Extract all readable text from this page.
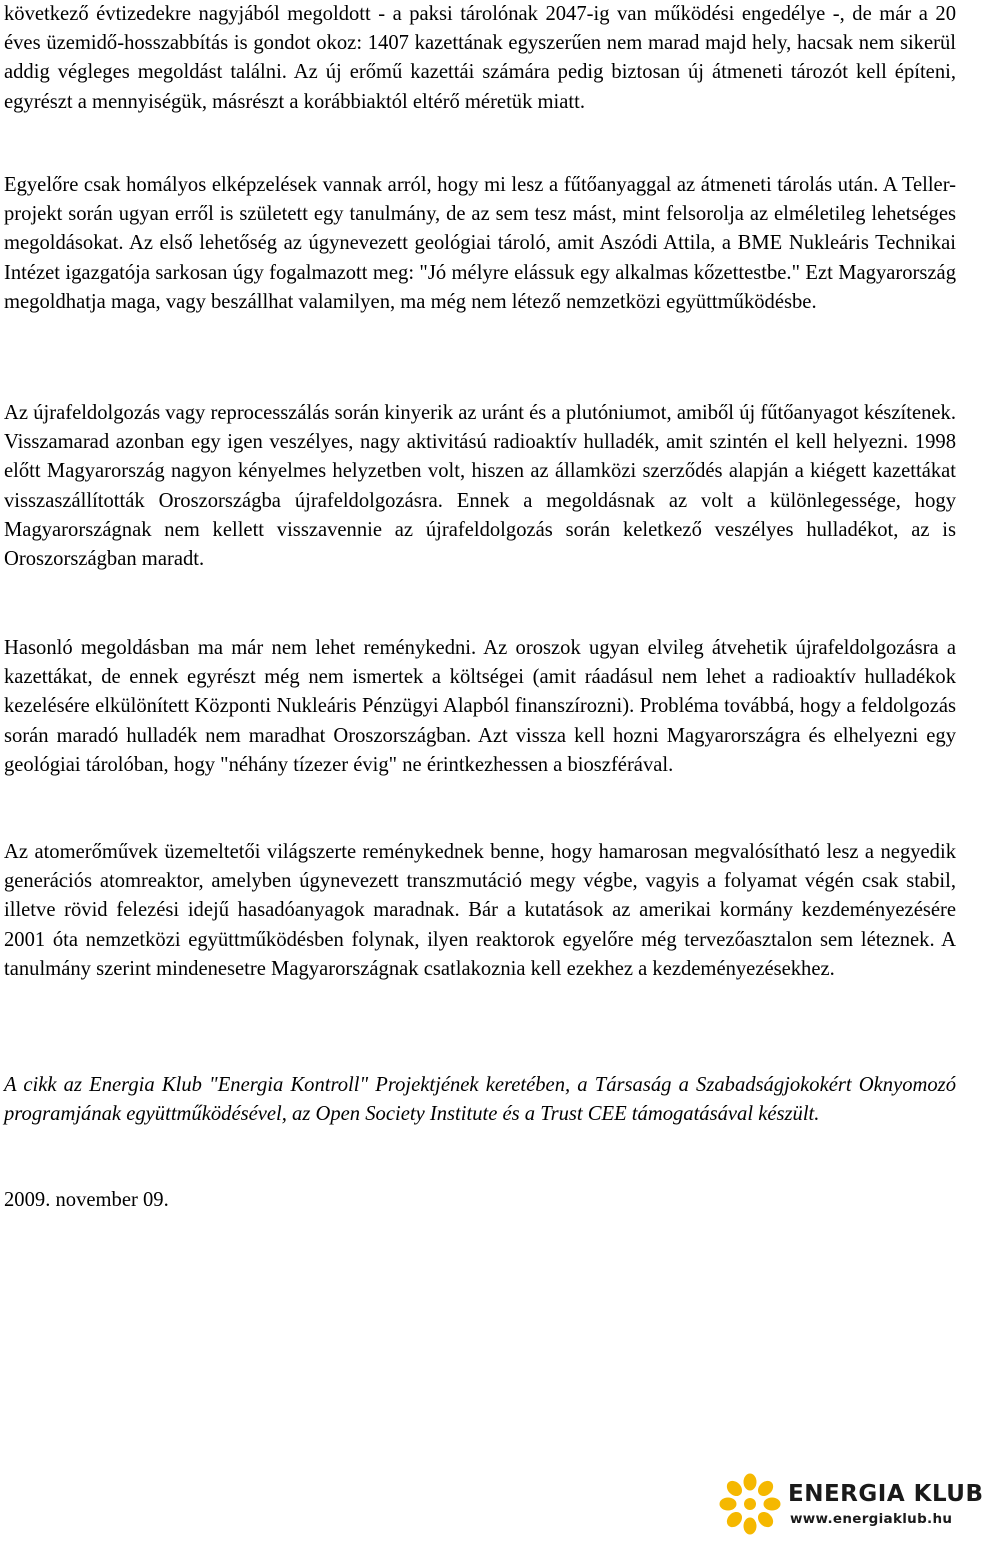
következő évtizedekre nagyjából megoldott - a paksi tárolónak 2047-ig van működési engedélye -, de már a 20 éves üzemidő-hosszabbítás is gondot okoz: 1407 kazettának egyszerűen nem marad majd hely, hacsak nem sikerül addig végleges megoldást találni. Az új erőmű kazettái számára pedig biztosan új átmeneti tározót kell építeni, egyrészt a mennyiségük, másrészt a korábbiaktól eltérő méretük miatt.

Egyelőre csak homályos elképzelések vannak arról, hogy mi lesz a fűtőanyaggal az átmeneti tárolás után. A Teller-projekt során ugyan erről is született egy tanulmány, de az sem tesz mást, mint felsorolja az elméletileg lehetséges megoldásokat. Az első lehetőség az úgynevezett geológiai tároló, amit Aszódi Attila, a BME Nukleáris Technikai Intézet igazgatója sarkosan úgy fogalmazott meg: "Jó mélyre elássuk egy alkalmas kőzettestbe." Ezt Magyarország megoldhatja maga, vagy beszállhat valamilyen, ma még nem létező nemzetközi együttműködésbe.

Az újrafeldolgozás vagy reprocesszálás során kinyerik az uránt és a plutóniumot, amiből új fűtőanyagot készítenek. Visszamarad azonban egy igen veszélyes, nagy aktivitású radioaktív hulladék, amit szintén el kell helyezni. 1998 előtt Magyarország nagyon kényelmes helyzetben volt, hiszen az államközi szerződés alapján a kiégett kazettákat visszaszállították Oroszországba újrafeldolgozásra. Ennek a megoldásnak az volt a különlegessége, hogy Magyarországnak nem kellett visszavennie az újrafeldolgozás során keletkező veszélyes hulladékot, az is Oroszországban maradt.

Hasonló megoldásban ma már nem lehet reménykedni. Az oroszok ugyan elvileg átvehetik újrafeldolgozásra a kazettákat, de ennek egyrészt még nem ismertek a költségei (amit ráadásul nem lehet a radioaktív hulladékok kezelésére elkülönített Központi Nukleáris Pénzügyi Alapból finanszírozni). Probléma továbbá, hogy a feldolgozás során maradó hulladék nem maradhat Oroszországban. Azt vissza kell hozni Magyarországra és elhelyezni egy geológiai tárolóban, hogy "néhány tízezer évig" ne érintkezhessen a bioszférával.

Az atomerőművek üzemeltetői világszerte reménykednek benne, hogy hamarosan megvalósítható lesz a negyedik generációs atomreaktor, amelyben úgynevezett transzmutáció megy végbe, vagyis a folyamat végén csak stabil, illetve rövid felezési idejű hasadóanyagok maradnak. Bár a kutatások az amerikai kormány kezdeményezésére 2001 óta nemzetközi együttműködésben folynak, ilyen reaktorok egyelőre még tervezőasztalon sem léteznek. A tanulmány szerint mindenesetre Magyarországnak csatlakoznia kell ezekhez a kezdeményezésekhez.

A cikk az Energia Klub "Energia Kontroll" Projektjének keretében, a Társaság a Szabadságjokokért Oknyomozó programjának együttműködésével, az Open Society Institute és a Trust CEE támogatásával készült.

2009. november 09.

ENERGIA KLUB
www.energiaklub.hu
